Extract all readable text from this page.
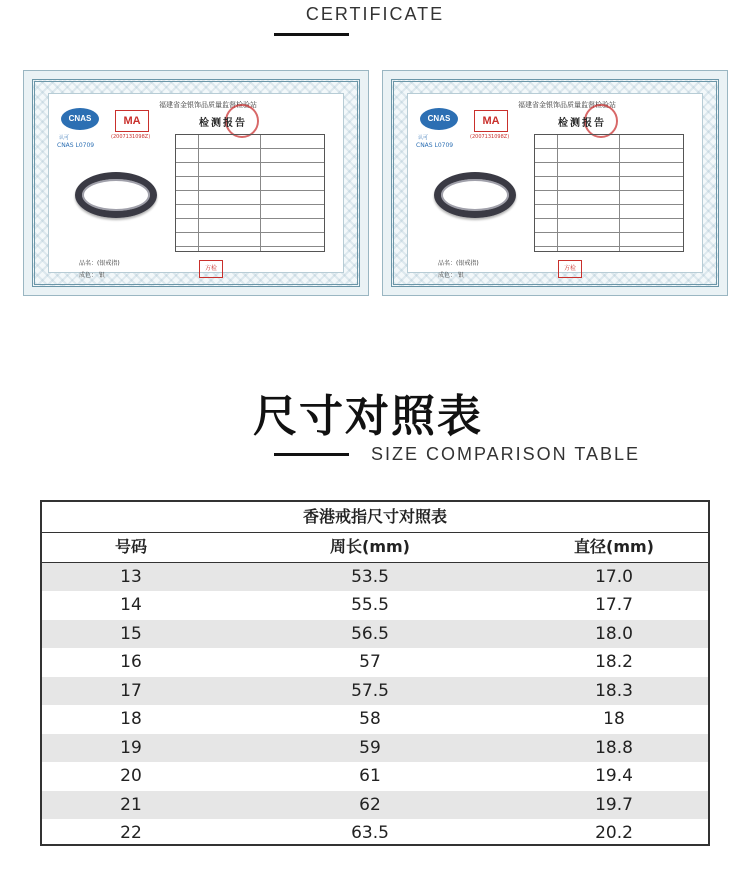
CERTIFICATE
CNAS
认可
CNAS L0709
MA
(2007131098Z)
福建省金银饰品质量监督检验站
检测报告
品名：(银戒指)
成色： 银
方检
CNAS
认可
CNAS L0709
MA
(2007131098Z)
福建省金银饰品质量监督检验站
检测报告
品名：(银戒指)
成色： 银
方检
尺寸对照表
SIZE COMPARISON TABLE
香港戒指尺寸对照表
号码	周长(mm)	直径(mm)
13	53.5	17.0
14	55.5	17.7
15	56.5	18.0
16	57	18.2
17	57.5	18.3
18	58	18
19	59	18.8
20	61	19.4
21	62	19.7
22	63.5	20.2
